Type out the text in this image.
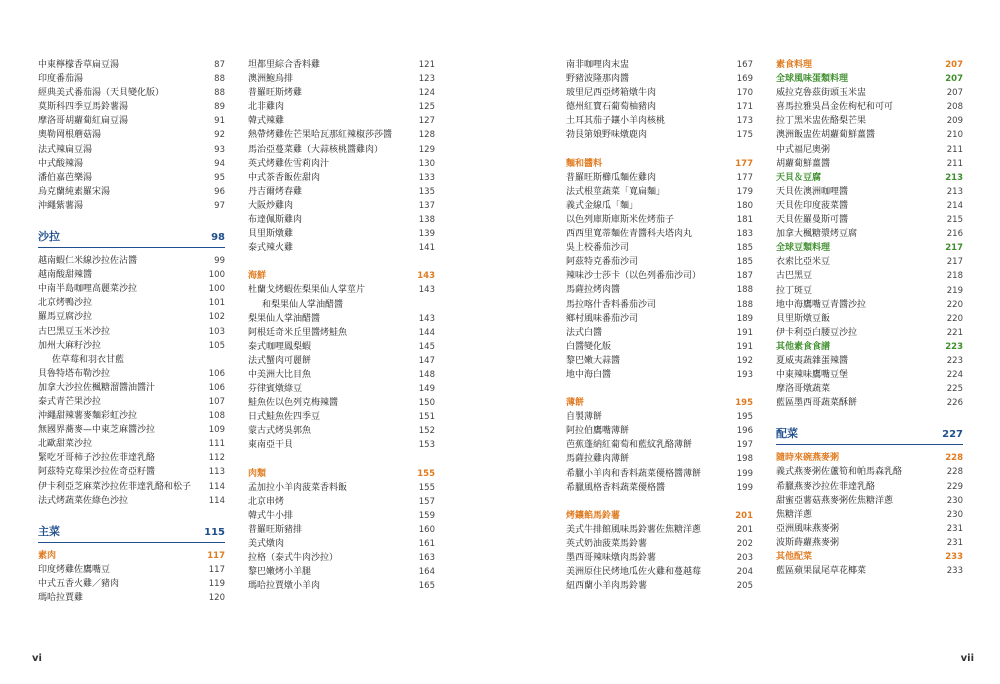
中東檸檬香草扁豆湯	87
印度番茄湯	88
經典美式番茄湯（天貝變化版）	88
莫斯科四季豆馬鈴薯湯	89
摩洛哥胡蘿蔔紅扁豆湯	91
奧勒岡根蘑菇湯	92
法式辣扁豆湯	93
中式酸辣湯	94
潘伯嘉芭樂湯	95
烏克蘭純素羅宋湯	96
沖繩紫薯湯	97
沙拉	98
越南蝦仁米線沙拉佐沾醬	99
越南酸甜辣醬	100
中南半島咖哩高麗菜沙拉	100
北京烤鴨沙拉	101
羅馬豆腐沙拉	102
古巴黑豆玉米沙拉	103
加州大麻籽沙拉	105
佐草莓和羽衣甘藍
貝魯特塔布勒沙拉	106
加拿大沙拉佐楓糖溜醬油醬汁	106
泰式青芒果沙拉	107
沖繩甜辣薯麥麵彩虹沙拉	108
無國界蕎麥—中東芝麻醬沙拉	109
北歐甜菜沙拉	111
緊吃牙哥柿子沙拉佐菲達乳酪	112
阿茲特克莓果沙拉佐奇亞籽醬	113
伊卡利亞芝麻菜沙拉佐菲達乳酪和松子	114
法式烤蔬菜佐綠色沙拉	114
主菜	115
素肉	117
印度烤雞佐鷹嘴豆	117
中式五香火雞／豬肉	119
瑪哈拉賈雞	120
坦都里綜合香料雞	121
澳洲鮑烏排	123
普羅旺斯烤雞	124
北非雞肉	125
韓式辣雞	127
熱帶烤雞佐芒果哈瓦那紅辣椒莎莎醬	128
馬治亞蔓菜雞（大蒜核桃醬雞肉）	129
英式烤雞佐雪莉肉汁	130
中式茶香飯佐甜肉	133
丹吉爾烤春雞	135
大阪炒雞肉	137
布達佩斯雞肉	138
貝里斯燉雞	139
泰式辣火雞	141
海鮮	143
杜蘭戈烤蝦佐梨果仙人掌莖片	143
和梨果仙人掌油醋醬
梨果仙人掌油醋醬	143
阿根廷奇米丘里醬烤鮭魚	144
泰式咖哩鳳梨蝦	145
法式蟹肉可麗餅	147
中美洲大比目魚	148
芬律賓燉綠豆	149
鮭魚佐以色列克梅辣醬	150
日式鮭魚佐四季豆	151
蒙古式烤吳郭魚	152
東南亞干貝	153
肉類	155
孟加拉小羊肉菠菜香料飯	155
北京串烤	157
韓式牛小排	159
普羅旺斯豬排	160
美式燉肉	161
拉格（泰式牛肉沙拉）	163
黎巴嫩烤小羊腿	164
瑪哈拉賈燉小羊肉	165
南非咖哩肉末盅	167
野豬波隆那肉醬	169
玻里尼西亞烤箱燉牛肉	170
德州紅寶石葡萄柚豬肉	171
土耳其茄子鑲小羊肉核桃	173
勃艮第娘野味燉鹿肉	175
麵和醬料	177
普羅旺斯櫛瓜麵佐雞肉	177
法式根莖蔬菜「寬扁麵」	179
義式金線瓜「麵」	180
以色列庫斯庫斯米佐烤茄子	181
西西里寬蒂麵佐青醬科夫塔肉丸	183
吳上校番茄沙司	185
阿茲特克番茄沙司	185
辣味沙士莎卡（以色列番茄沙司）	187
馬薩拉烤肉醬	188
馬拉喀什香料番茄沙司	188
鄉村風味番茄沙司	189
法式白醬	191
白醬變化版	191
黎巴嫩大蒜醬	192
地中海白醬	193
薄餅	195
自製薄餅	195
阿拉伯鷹嘴薄餅	196
芭蕉蓬納紅葡萄和藍紋乳酪薄餅	197
馬薩拉雞肉薄餅	198
希臘小羊肉和香料蔬菜優格醬薄餅	199
希臘風格香料蔬菜優格醬	199
烤鑲餡馬鈴薯	201
美式牛排館風味馬鈴薯佐焦糖洋蔥	201
英式奶油菠菜馬鈴薯	202
墨西哥辣味燉肉馬鈴薯	203
美洲原住民烤地瓜佐火雞和蔓越莓	204
紐西蘭小羊肉馬鈴薯	205
素食料理	207
全球風味蛋類料理	207
威拉克魯茲街頭玉米盅	207
喜馬拉雅吳昌金佐枸杞和可可	208
拉丁黑米盅佐酪梨芒果	209
澳洲飯盅佐胡蘿蔔鮮薑醬	210
中式福尼奧粥	211
胡蘿蔔鮮薑醬	211
天貝＆豆腐	213
天貝佐澳洲咖哩醬	213
天貝佐印度菠菜醬	214
天貝佐羅曼斯可醬	215
加拿大楓糖漿烤豆腐	216
全球豆類料理	217
衣索比亞米豆	217
古巴黑豆	218
拉丁斑豆	219
地中海鷹嘴豆青醬沙拉	220
貝里斯燉豆飯	220
伊卡利亞白腰豆沙拉	221
其他素食食譜	223
夏威夷蔬雜蛋辣醬	223
中東辣味鷹嘴豆堡	224
摩洛哥燉蔬菜	225
藍區墨西哥蔬菜酥餅	226
配菜	227
隨時來碗燕麥粥	228
義式燕麥粥佐蘆筍和帕馬森乳酪	228
希臘燕麥沙拉佐菲達乳酪	229
甜蜜亞薯菇燕麥粥佐焦糖洋蔥	230
焦糖洋蔥	230
亞洲風味燕麥粥	231
波斯蒔蘿燕麥粥	231
其他配菜	233
藍區蘋果鼠尾草花椰菜	233
vi	vii
